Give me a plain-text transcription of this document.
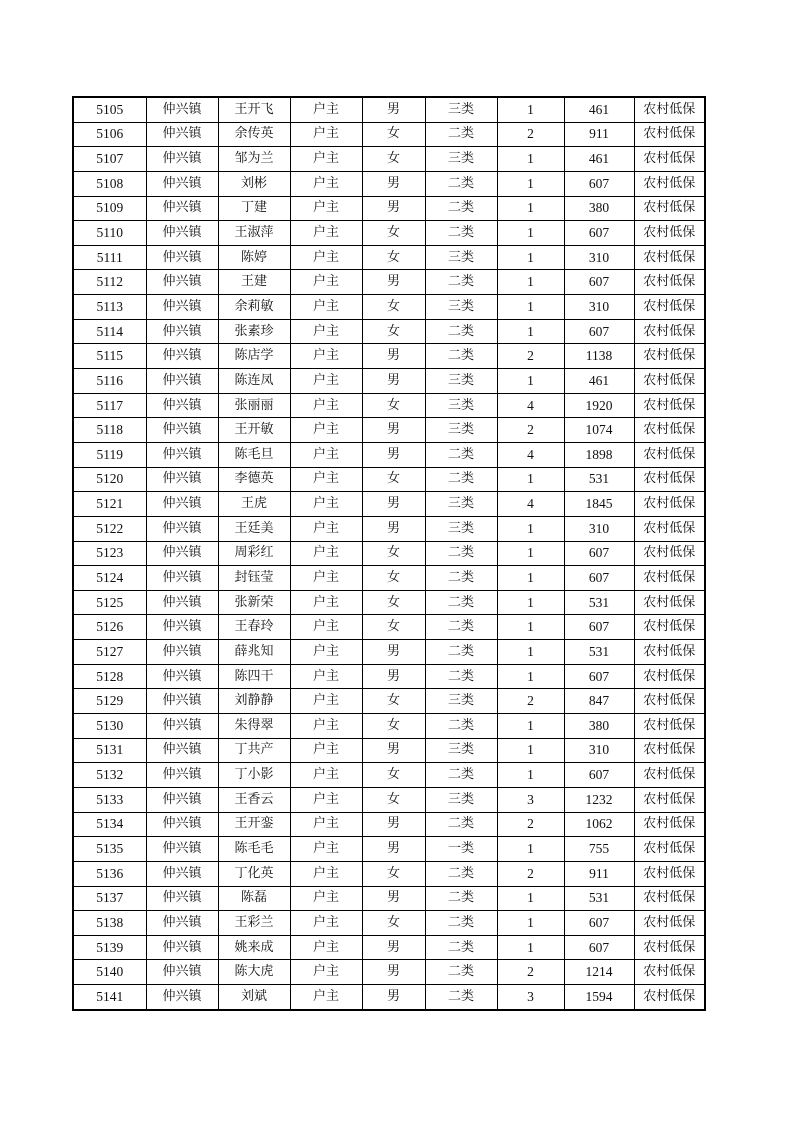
5105	仲兴镇	王开飞	户主	男	三类	1	461	农村低保
5106	仲兴镇	余传英	户主	女	二类	2	911	农村低保
5107	仲兴镇	邹为兰	户主	女	三类	1	461	农村低保
5108	仲兴镇	刘彬	户主	男	二类	1	607	农村低保
5109	仲兴镇	丁建	户主	男	二类	1	380	农村低保
5110	仲兴镇	王淑萍	户主	女	二类	1	607	农村低保
5111	仲兴镇	陈婷	户主	女	三类	1	310	农村低保
5112	仲兴镇	王建	户主	男	二类	1	607	农村低保
5113	仲兴镇	余莉敏	户主	女	三类	1	310	农村低保
5114	仲兴镇	张素珍	户主	女	二类	1	607	农村低保
5115	仲兴镇	陈店学	户主	男	二类	2	1138	农村低保
5116	仲兴镇	陈连凤	户主	男	三类	1	461	农村低保
5117	仲兴镇	张丽丽	户主	女	三类	4	1920	农村低保
5118	仲兴镇	王开敏	户主	男	三类	2	1074	农村低保
5119	仲兴镇	陈毛旦	户主	男	二类	4	1898	农村低保
5120	仲兴镇	李德英	户主	女	二类	1	531	农村低保
5121	仲兴镇	王虎	户主	男	三类	4	1845	农村低保
5122	仲兴镇	王廷美	户主	男	三类	1	310	农村低保
5123	仲兴镇	周彩红	户主	女	二类	1	607	农村低保
5124	仲兴镇	封钰莹	户主	女	二类	1	607	农村低保
5125	仲兴镇	张新荣	户主	女	二类	1	531	农村低保
5126	仲兴镇	王春玲	户主	女	二类	1	607	农村低保
5127	仲兴镇	薛兆知	户主	男	二类	1	531	农村低保
5128	仲兴镇	陈四干	户主	男	二类	1	607	农村低保
5129	仲兴镇	刘静静	户主	女	三类	2	847	农村低保
5130	仲兴镇	朱得翠	户主	女	二类	1	380	农村低保
5131	仲兴镇	丁共产	户主	男	三类	1	310	农村低保
5132	仲兴镇	丁小影	户主	女	二类	1	607	农村低保
5133	仲兴镇	王香云	户主	女	三类	3	1232	农村低保
5134	仲兴镇	王开銮	户主	男	二类	2	1062	农村低保
5135	仲兴镇	陈毛毛	户主	男	一类	1	755	农村低保
5136	仲兴镇	丁化英	户主	女	二类	2	911	农村低保
5137	仲兴镇	陈磊	户主	男	二类	1	531	农村低保
5138	仲兴镇	王彩兰	户主	女	二类	1	607	农村低保
5139	仲兴镇	姚来成	户主	男	二类	1	607	农村低保
5140	仲兴镇	陈大虎	户主	男	二类	2	1214	农村低保
5141	仲兴镇	刘斌	户主	男	二类	3	1594	农村低保
